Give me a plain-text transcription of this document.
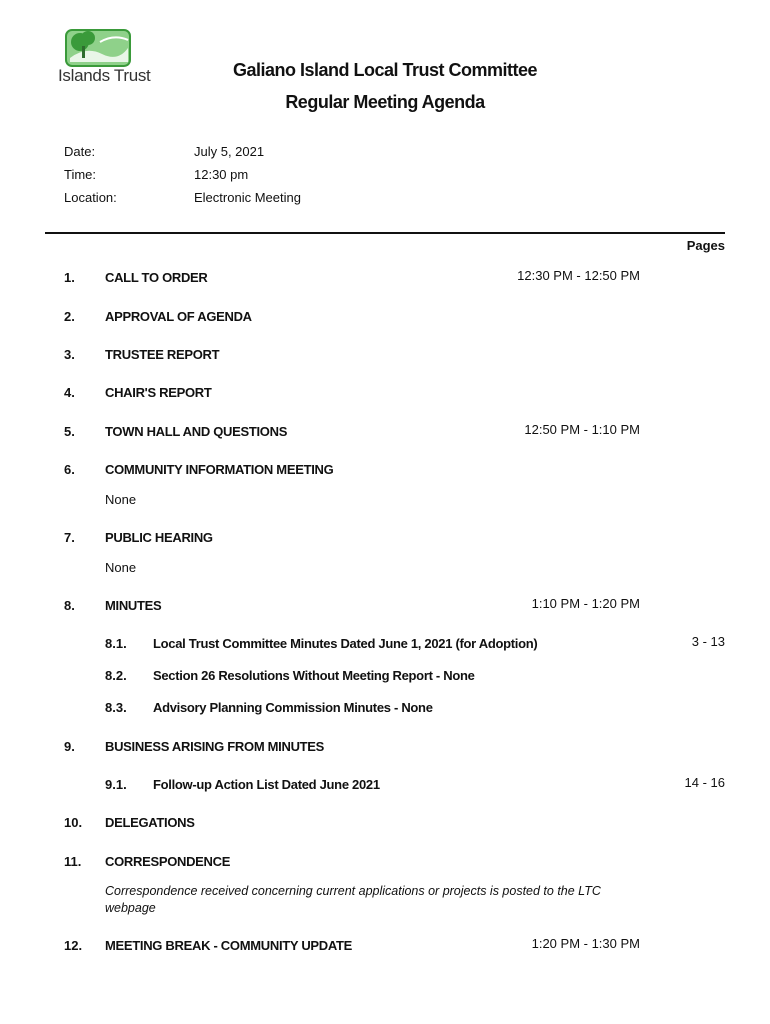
Islands Trust	Galiano Island Local Trust Committee
Regular Meeting Agenda
Date:	July 5, 2021
Time:	12:30 pm
Location:	Electronic Meeting
Pages
1. CALL TO ORDER	12:30 PM - 12:50 PM
2. APPROVAL OF AGENDA
3. TRUSTEE REPORT
4. CHAIR'S REPORT
5. TOWN HALL AND QUESTIONS	12:50 PM - 1:10 PM
6. COMMUNITY INFORMATION MEETING
None
7. PUBLIC HEARING
None
8. MINUTES	1:10 PM - 1:20 PM
8.1. Local Trust Committee Minutes Dated June 1, 2021 (for Adoption)	3 - 13
8.2. Section 26 Resolutions Without Meeting Report - None
8.3. Advisory Planning Commission Minutes - None
9. BUSINESS ARISING FROM MINUTES
9.1. Follow-up Action List Dated June 2021	14 - 16
10. DELEGATIONS
11. CORRESPONDENCE
Correspondence received concerning current applications or projects is posted to the LTC webpage
12. MEETING BREAK - COMMUNITY UPDATE	1:20 PM - 1:30 PM
